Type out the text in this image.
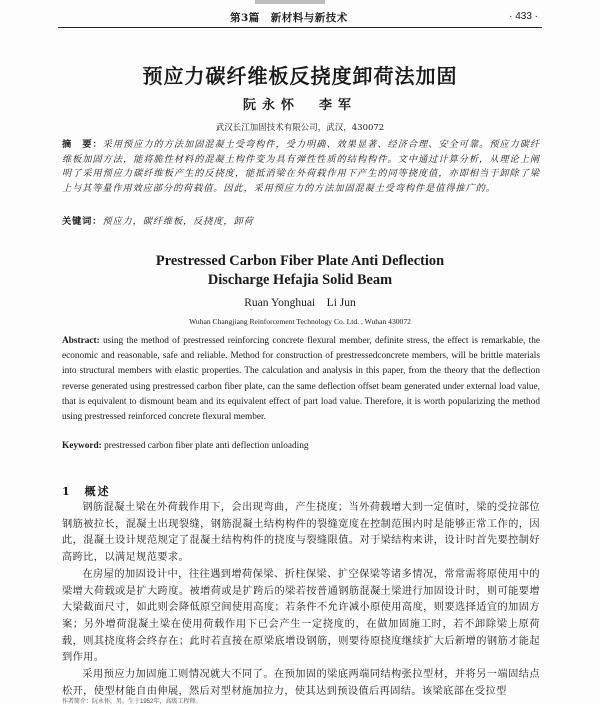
第3篇　新材料与新技术	· 433 ·
预应力碳纤维板反挠度卸荷法加固
阮永怀　李军
武汉长江加固技术有限公司，武汉，430072
摘　要：采用预应力的方法加固混凝土受弯构件，受力明确、效果显著、经济合理、安全可靠。预应力碳纤维板加固方法，能将脆性材料的混凝土构件变为具有弹性性质的结构构件。文中通过计算分析，从理论上阐明了采用预应力碳纤维板产生的反挠度，能抵消梁在外荷载作用下产生的同等挠度值，亦即相当于卸除了梁上与其等量作用效应部分的荷载值。因此，采用预应力的方法加固混凝土受弯构件是值得推广的。
关键词：预应力，碳纤维板，反挠度，卸荷
Prestressed Carbon Fiber Plate Anti Deflection
Discharge Hefajia Solid Beam
Ruan Yonghuai　Li Jun
Wuhan Changjiang Reinforcement Technology Co. Ltd. , Wuhan 430072
Abstract: using the method of prestressed reinforcing concrete flexural member, definite stress, the effect is remarkable, the economic and reasonable, safe and reliable. Method for construction of prestressedconcrete members, will be brittle materials into structural members with elastic properties. The calculation and analysis in this paper, from the theory that the deflection reverse generated using prestressed carbon fiber plate, can the same deflection offset beam generated under external load value, that is equivalent to dismount beam and its equivalent effect of part load value. Therefore, it is worth popularizing the method using prestressed reinforced concrete flexural member.
Keyword: prestressed carbon fiber plate anti deflection unloading
1　概述

钢筋混凝土梁在外荷载作用下，会出现弯曲，产生挠度；当外荷载增大到一定值时，梁的受拉部位钢筋被拉长，混凝土出现裂缝，钢筋混凝土结构构件的裂缝宽度在控制范围内时是能够正常工作的，因此，混凝土设计规范规定了混凝土结构构件的挠度与裂缝限值。对于梁结构来讲，设计时首先要控制好高跨比，以满足规范要求。

在房屋的加固设计中，往往遇到增荷保梁、折柱保梁、扩空保梁等诸多情况，常常需将原使用中的梁增大荷载或是扩大跨度。被增荷或是扩跨后的梁若按普通钢筋混凝土梁进行加固设计时，则可能要增大梁截面尺寸，如此则会降低原空间使用高度；若条件不允许减小原使用高度，则要选择适宜的加固方案；另外增荷混凝土梁在使用荷载作用下已会产生一定挠度的，在做加固施工时，若不卸除梁上原荷载，则其挠度将会终存在；此时若直接在原梁底增设钢筋，则要待原挠度继续扩大后新增的钢筋才能起到作用。

采用预应力加固施工则情况就大不同了。在预加固的梁底两端同结构张拉型材，并将另一端固结点松开，使型材能自由伸展，然后对型材施加拉力，使其达到预设值后再固结。该梁底部在受拉型

作者简介：阮永怀，男，生于1952年，高级工程师。
